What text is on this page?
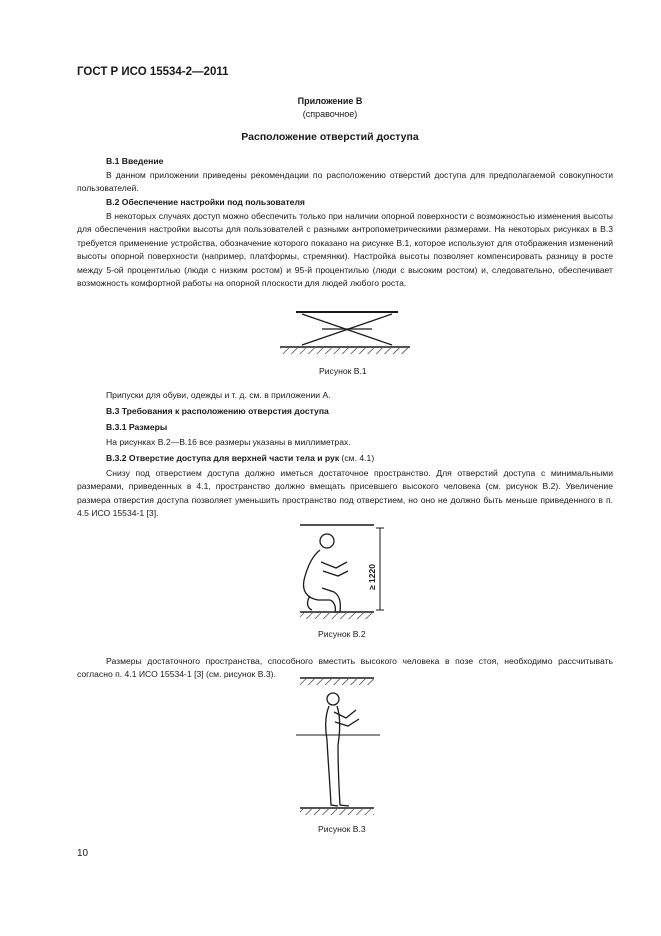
ГОСТ Р ИСО 15534-2—2011
Приложение В
(справочное)
Расположение отверстий доступа
В.1 Введение
В данном приложении приведены рекомендации по расположению отверстий доступа для предполагаемой совокупности пользователей.
В.2 Обеспечение настройки под пользователя
В некоторых случаях доступ можно обеспечить только при наличии опорной поверхности с возможностью изменения высоты для обеспечения настройки высоты для пользователей с разными антропометрическими размерами. На некоторых рисунках в В.3 требуется применение устройства, обозначение которого показано на рисунке В.1, которое используют для отображения изменений высоты опорной поверхности (например, платформы, стремянки). Настройка высоты позволяет компенсировать разницу в росте между 5-ой процентилью (люди с низким ростом) и 95-й процентилью (люди с высоким ростом) и, следовательно, обеспечивает возможность комфортной работы на опорной плоскости для людей любого роста.
Рисунок В.1
Припуски для обуви, одежды и т. д. см. в приложении А.
В.3 Требования к расположению отверстия доступа
В.3.1 Размеры
На рисунках В.2—В.16 все размеры указаны в миллиметрах.
В.3.2 Отверстие доступа для верхней части тела и рук (см. 4.1)
Снизу под отверстием доступа должно иметься достаточное пространство. Для отверстий доступа с минимальными размерами, приведенных в 4.1, пространство должно вмещать присевшего высокого человека (см. рисунок В.2). Увеличение размера отверстия доступа позволяет уменьшить пространство под отверстием, но оно не должно быть меньше приведенного в п. 4.5 ИСО 15534-1 [3].
Рисунок В.2
Размеры достаточного пространства, способного вместить высокого человека в позе стоя, необходимо рассчитывать согласно п. 4.1 ИСО 15534-1 [3] (см. рисунок В.3).
Рисунок В.3
10
≥ 1220
